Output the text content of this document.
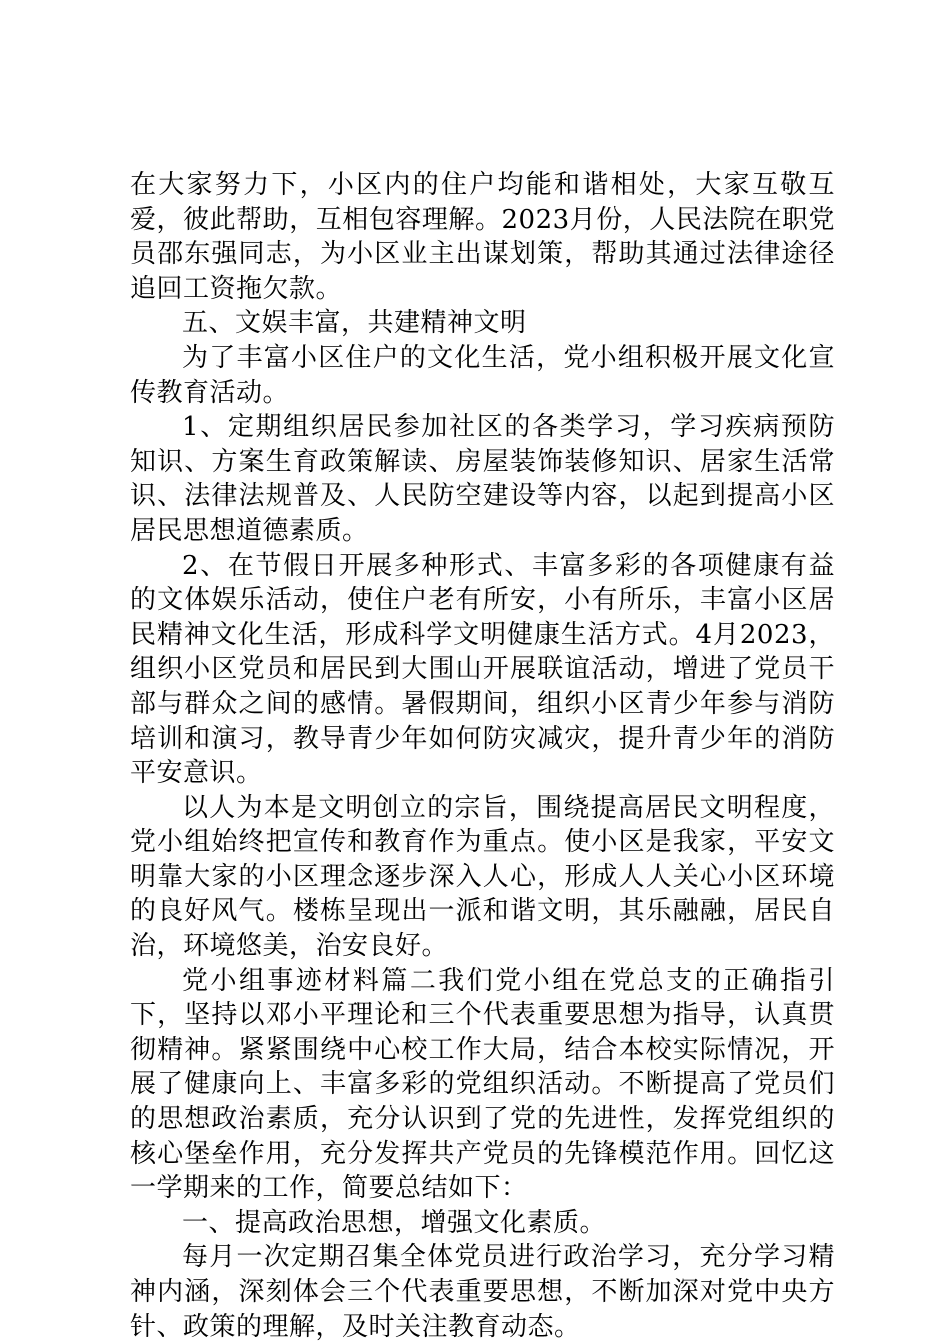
在大家努力下，小区内的住户均能和谐相处，大家互敬互爱，彼此帮助，互相包容理解。2023月份，人民法院在职党员邵东强同志，为小区业主出谋划策，帮助其通过法律途径追回工资拖欠款。

五、文娱丰富，共建精神文明

为了丰富小区住户的文化生活，党小组积极开展文化宣传教育活动。

1、定期组织居民参加社区的各类学习，学习疾病预防知识、方案生育政策解读、房屋装饰装修知识、居家生活常识、法律法规普及、人民防空建设等内容，以起到提高小区居民思想道德素质。

2、在节假日开展多种形式、丰富多彩的各项健康有益的文体娱乐活动，使住户老有所安，小有所乐，丰富小区居民精神文化生活，形成科学文明健康生活方式。4月2023，组织小区党员和居民到大围山开展联谊活动，增进了党员干部与群众之间的感情。暑假期间，组织小区青少年参与消防培训和演习，教导青少年如何防灾减灾，提升青少年的消防平安意识。

以人为本是文明创立的宗旨，围绕提高居民文明程度，党小组始终把宣传和教育作为重点。使小区是我家，平安文明靠大家的小区理念逐步深入人心，形成人人关心小区环境的良好风气。楼栋呈现出一派和谐文明，其乐融融，居民自治，环境悠美，治安良好。

党小组事迹材料篇二我们党小组在党总支的正确指引下，坚持以邓小平理论和三个代表重要思想为指导，认真贯彻精神。紧紧围绕中心校工作大局，结合本校实际情况，开展了健康向上、丰富多彩的党组织活动。不断提高了党员们的思想政治素质，充分认识到了党的先进性，发挥党组织的核心堡垒作用，充分发挥共产党员的先锋模范作用。回忆这一学期来的工作，简要总结如下：

一、提高政治思想，增强文化素质。

每月一次定期召集全体党员进行政治学习，充分学习精神内涵，深刻体会三个代表重要思想，不断加深对党中央方针、政策的理解，及时关注教育动态。
